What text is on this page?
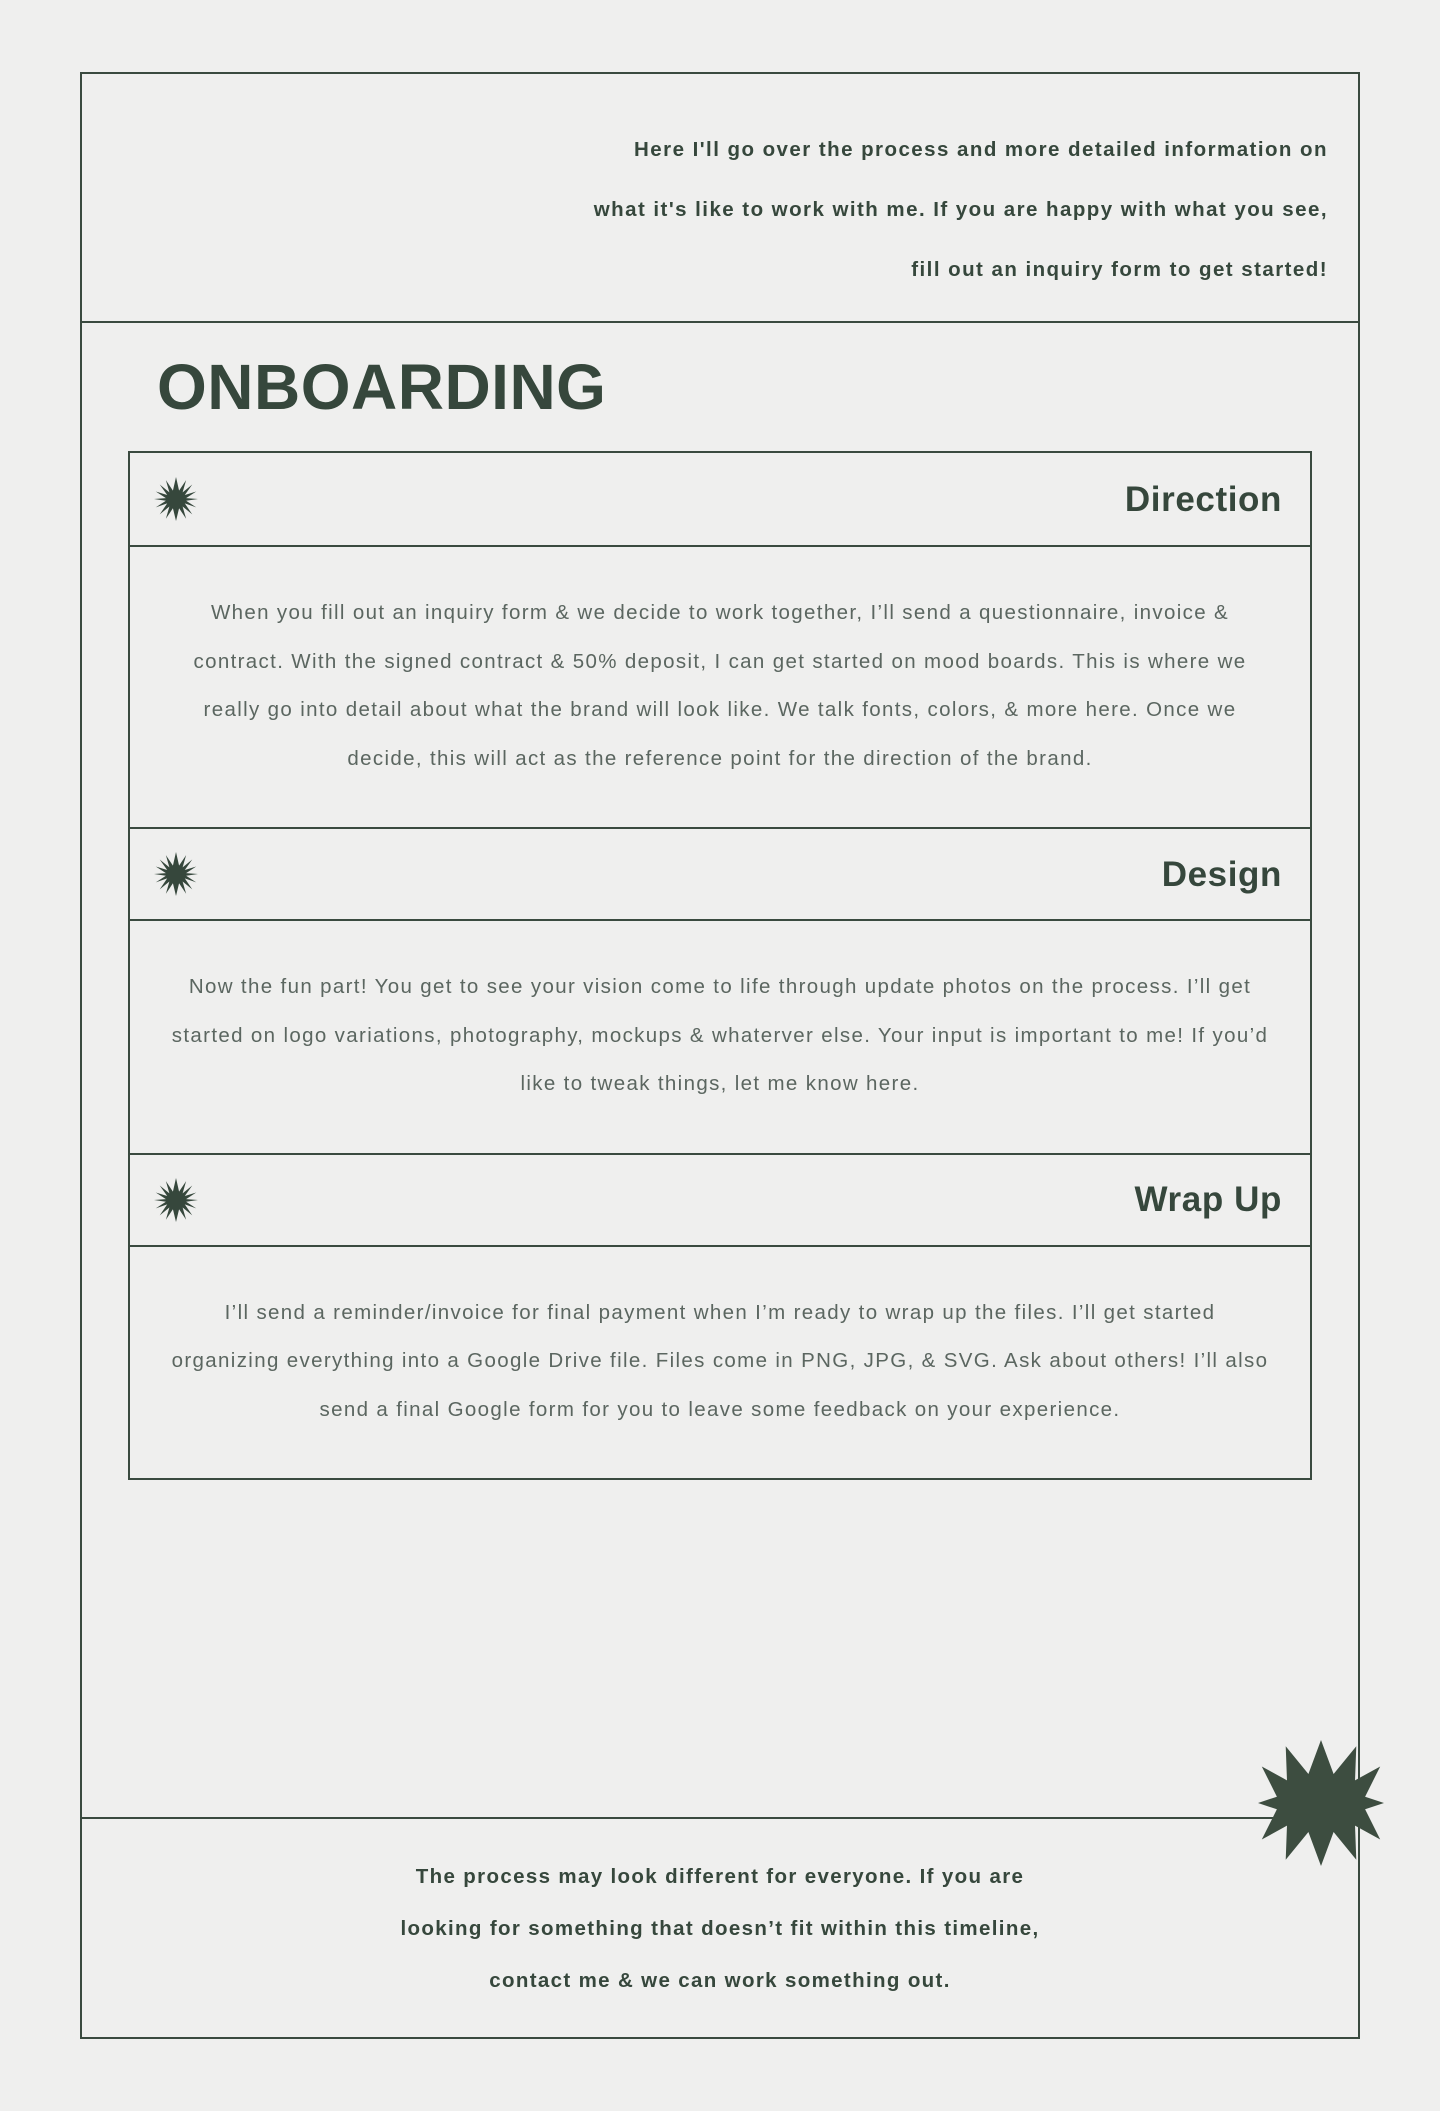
Here I'll go over the process and more detailed information on
what it's like to work with me. If you are happy with what you see,
fill out an inquiry form to get started!
ONBOARDING
Direction

When you fill out an inquiry form & we decide to work together, I’ll send a questionnaire, invoice & contract. With the signed contract & 50% deposit, I can get started on mood boards. This is where we really go into detail about what the brand will look like. We talk fonts, colors, & more here. Once we decide, this will act as the reference point for the direction of the brand.

Design

Now the fun part! You get to see your vision come to life through update photos on the process. I’ll get started on logo variations, photography, mockups & whaterver else. Your input is important to me! If you’d like to tweak things, let me know here.

Wrap Up

I’ll send a reminder/invoice for final payment when I’m ready to wrap up the files. I’ll get started organizing everything into a Google Drive file. Files come in PNG, JPG, & SVG. Ask about others! I’ll also send a final Google form for you to leave some feedback on your experience.

The process may look different for everyone. If you are
looking for something that doesn’t fit within this timeline,
contact me & we can work something out.
